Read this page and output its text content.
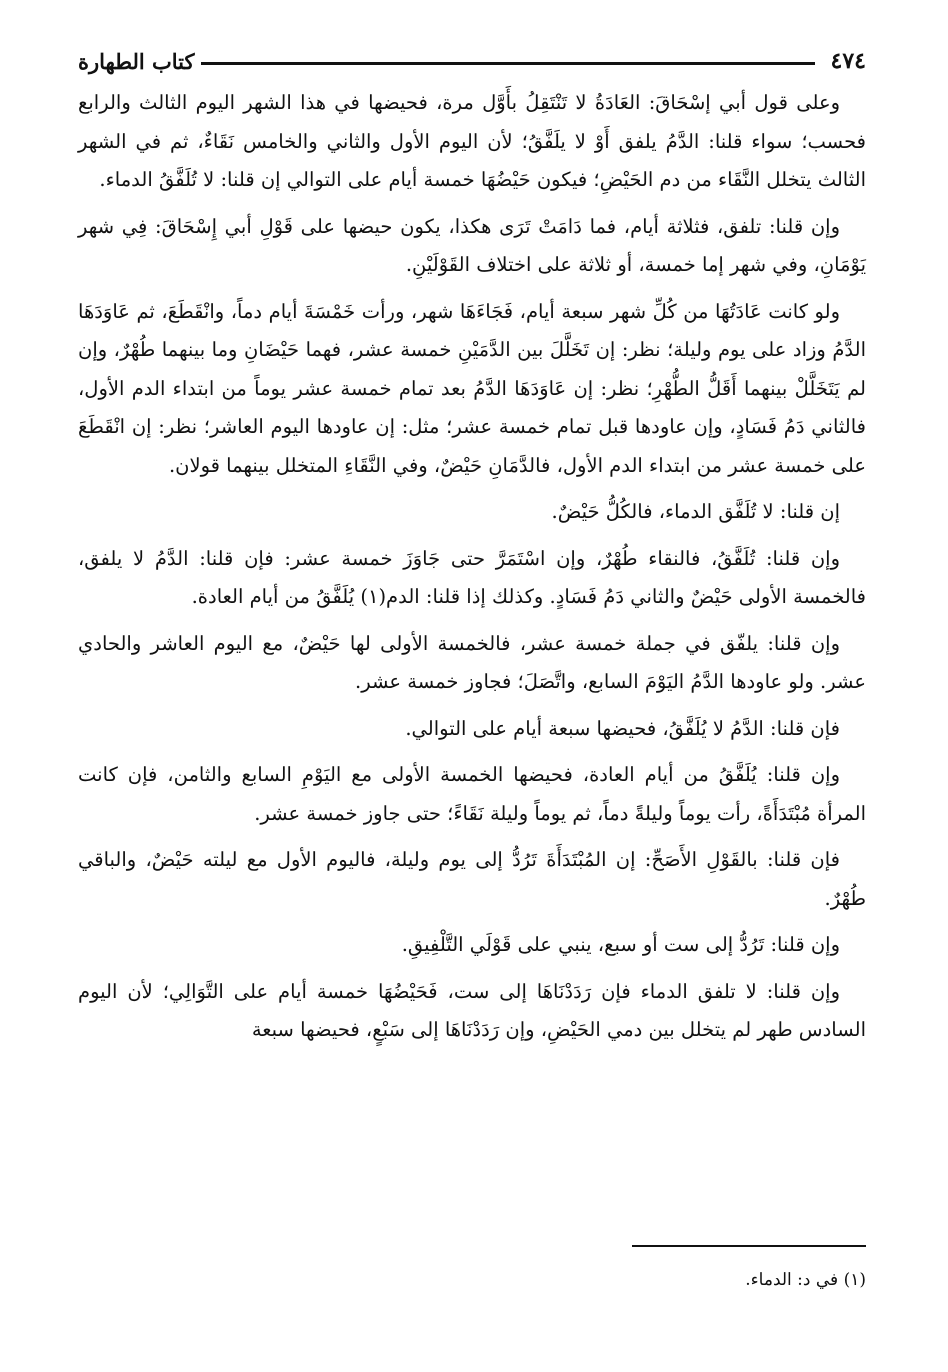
٤٧٤
كتاب الطهارة

وعلى قول أبي إسْحَاقَ: العَادَةُ لا تَنْتَقِلُ بأَوَّل مرة، فحيضها في هذا الشهر اليوم الثالث والرابع فحسب؛ سواء قلنا: الدَّمُ يلفق أَوْ لا يلَفَّقُ؛ لأن اليوم الأول والثاني والخامس نَقَاءٌ، ثم في الشهر الثالث يتخلل النَّقَاء من دم الحَيْضِ؛ فيكون حَيْضُهَا خمسة أيام على التوالي إن قلنا: لا تُلَفَّقُ الدماء.

وإن قلنا: تلفق، فثلاثة أيام، فما دَامَتْ تَرَى هكذا، يكون حيضها على قَوْلِ أبي إِسْحَاقَ: فِي شهر يَوْمَانِ، وفي شهر إما خمسة، أو ثلاثة على اختلاف القَوْلَيْنِ.

ولو كانت عَادَتُهَا من كُلِّ شهر سبعة أيام، فَجَاءَهَا شهر، ورأت خَمْسَةَ أيام دماً، وانْقَطَعَ، ثم عَاوَدَهَا الدَّمُ وزاد على يوم وليلة؛ نظر: إن تَخَلَّلَ بين الدَّمَيْنِ خمسة عشر، فهما حَيْضَانِ وما بينهما طُهْرٌ، وإن لم يَتَخَلَّلْ بينهما أَقَلُّ الطُّهْرِ؛ نظر: إن عَاوَدَهَا الدَّمُ بعد تمام خمسة عشر يوماً من ابتداء الدم الأول، فالثاني دَمُ فَسَادٍ، وإن عاودها قبل تمام خمسة عشر؛ مثل: إن عاودها اليوم العاشر؛ نظر: إن انْقَطَعَ على خمسة عشر من ابتداء الدم الأول، فالدَّمَانِ حَيْضٌ، وفي النَّقَاءِ المتخلل بينهما قولان.

إن قلنا: لا تُلَفَّق الدماء، فالكُلُّ حَيْضٌ.

وإن قلنا: تُلَفَّقُ، فالنقاء طُهْرٌ، وإن اسْتَمَرَّ حتى جَاوَزَ خمسة عشر: فإن قلنا: الدَّمُ لا يلفق، فالخمسة الأولى حَيْضٌ والثاني دَمُ فَسَادٍ. وكذلك إذا قلنا: الدم(١) يُلَفَّقُ من أيام العادة.

وإن قلنا: يلفّق في جملة خمسة عشر، فالخمسة الأولى لها حَيْضٌ، مع اليوم العاشر والحادي عشر. ولو عاودها الدَّمُ اليَوْمَ السابع، واتَّصَلَ؛ فجاوز خمسة عشر.

فإن قلنا: الدَّمُ لا يُلَفَّقُ، فحيضها سبعة أيام على التوالي.

وإن قلنا: يُلَفَّقُ من أيام العادة، فحيضها الخمسة الأولى مع اليَوْمِ السابع والثامن، فإن كانت المرأة مُبْتَدَأَةً، رأت يوماً وليلةً دماً، ثم يوماً وليلة نَقَاءً؛ حتى جاوز خمسة عشر.

فإن قلنا: بالقَوْلِ الأَصَحِّ: إن المُبْتَدَأَةَ تَرُدُّ إلى يوم وليلة، فاليوم الأول مع ليلته حَيْضٌ، والباقي طُهْرٌ.

وإن قلنا: تَرُدُّ إلى ست أو سبع، ينبي على قَوْلَي التَّلْفِيقِ.

وإن قلنا: لا تلفق الدماء فإن رَدَدْنَاهَا إلى ست، فَحَيْضُهَا خمسة أيام على التَّوَالِي؛ لأن اليوم السادس طهر لم يتخلل بين دمي الحَيْضِ، وإن رَدَدْنَاهَا إلى سَبْعٍ، فحيضها سبعة

(١) في د: الدماء.
